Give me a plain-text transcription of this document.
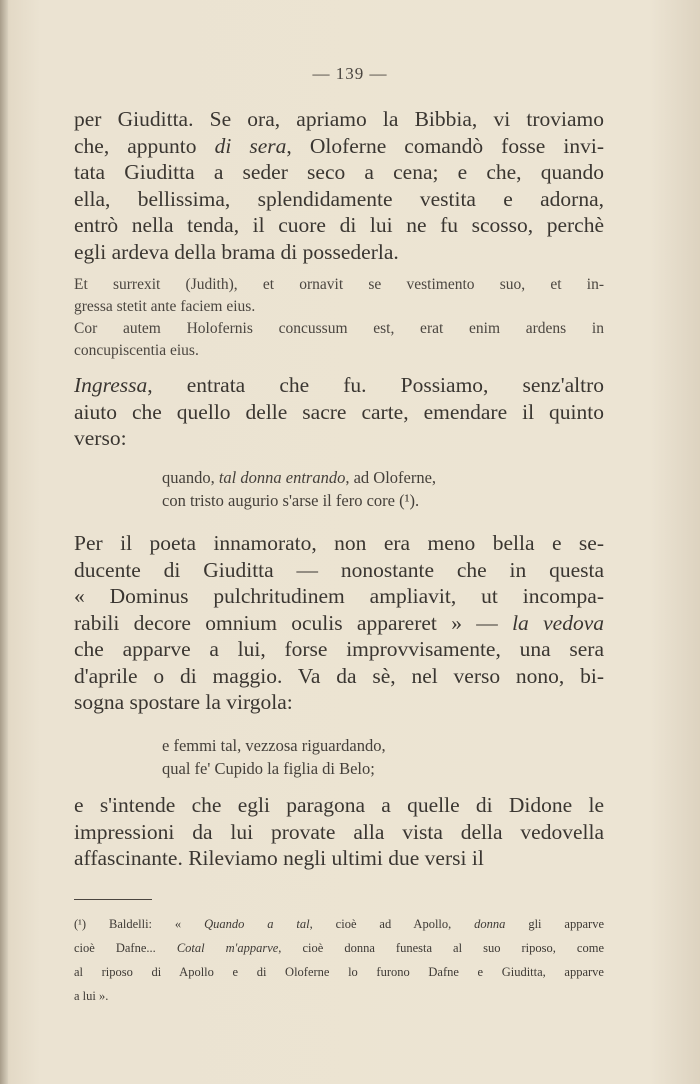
— 139 —

per Giuditta. Se ora, apriamo la Bibbia, vi troviamo
che, appunto di sera, Oloferne comandò fosse invi-
tata Giuditta a seder seco a cena; e che, quando
ella, bellissima, splendidamente vestita e adorna,
entrò nella tenda, il cuore di lui ne fu scosso, perchè
egli ardeva della brama di possederla.

Et surrexit (Judith), et ornavit se vestimento suo, et in-
gressa stetit ante faciem eius.

Cor autem Holofernis concussum est, erat enim ardens in
concupiscentia eius.

Ingressa, entrata che fu. Possiamo, senz'altro
aiuto che quello delle sacre carte, emendare il quinto
verso:

quando, tal donna entrando, ad Oloferne,
con tristo augurio s'arse il fero core (¹).

Per il poeta innamorato, non era meno bella e se-
ducente di Giuditta — nonostante che in questa
« Dominus pulchritudinem ampliavit, ut incompa-
rabili decore omnium oculis appareret » — la vedova
che apparve a lui, forse improvvisamente, una sera
d'aprile o di maggio. Va da sè, nel verso nono, bi-
sogna spostare la virgola:

e femmi tal, vezzosa riguardando,
qual fe' Cupido la figlia di Belo;

e s'intende che egli paragona a quelle di Didone le
impressioni da lui provate alla vista della vedovella
affascinante. Rileviamo negli ultimi due versi il

(¹) Baldelli: « Quando a tal, cioè ad Apollo, donna gli apparve
cioè Dafne... Cotal m'apparve, cioè donna funesta al suo riposo, come
al riposo di Apollo e di Oloferne lo furono Dafne e Giuditta, apparve
a lui ».
